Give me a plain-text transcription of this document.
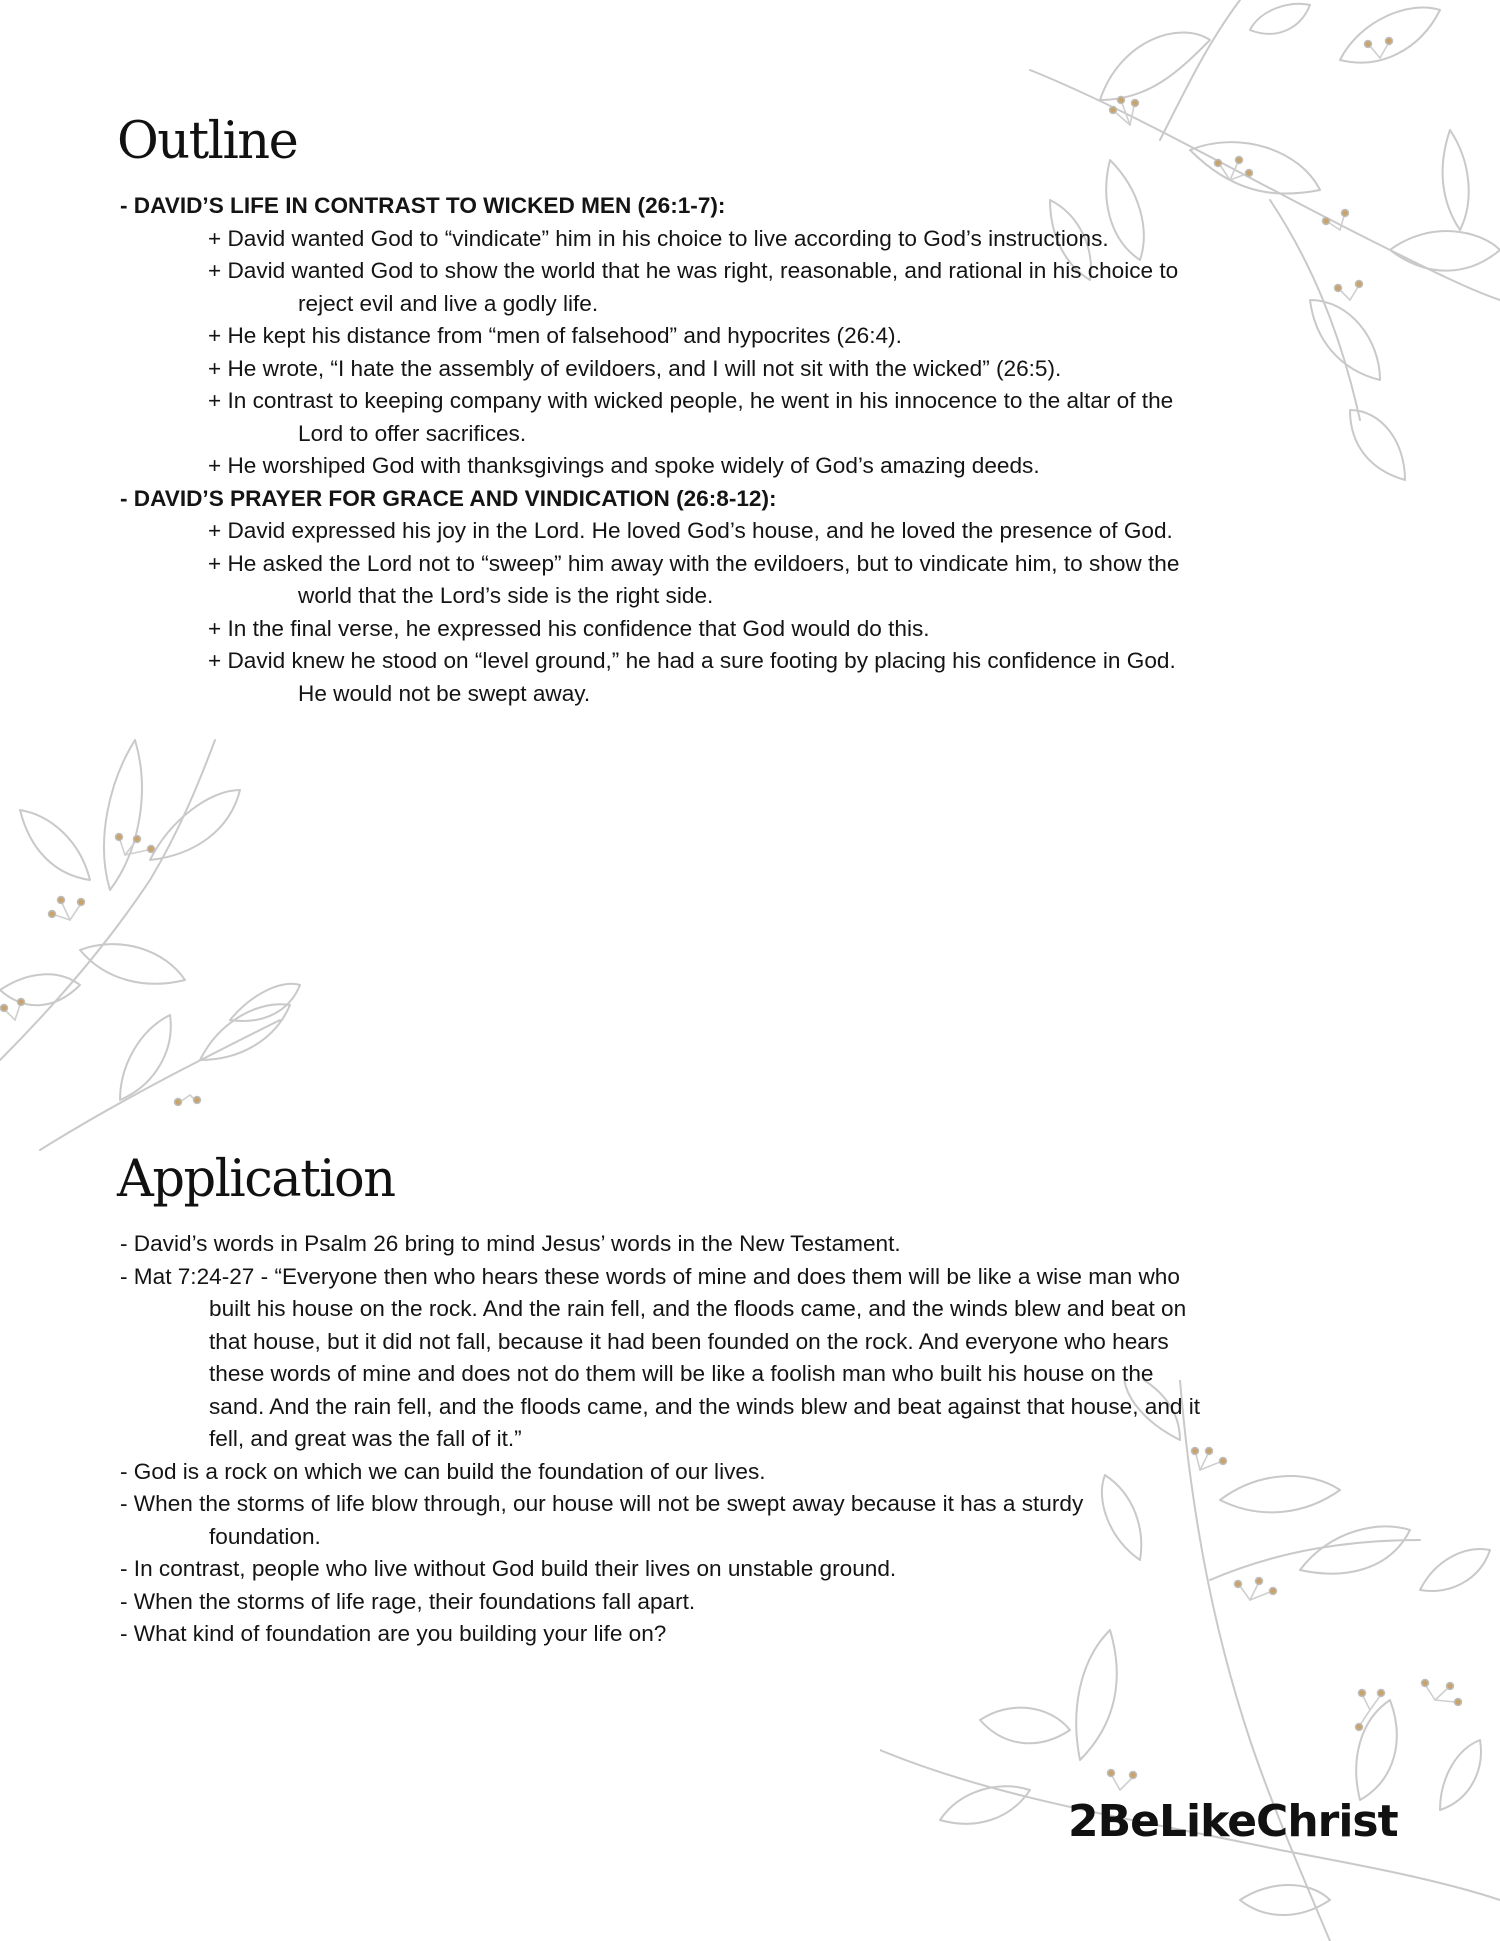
Outline
- DAVID’S LIFE IN CONTRAST TO WICKED MEN (26:1-7):
+ David wanted God to “vindicate” him in his choice to live according to God’s instructions.
+ David wanted God to show the world that he was right, reasonable, and rational in his choice to
reject evil and live a godly life.
+ He kept his distance from “men of falsehood” and hypocrites (26:4).
+ He wrote, “I hate the assembly of evildoers, and I will not sit with the wicked” (26:5).
+ In contrast to keeping company with wicked people, he went in his innocence to the altar of the
Lord to offer sacrifices.
+ He worshiped God with thanksgivings and spoke widely of God’s amazing deeds.
- DAVID’S PRAYER FOR GRACE AND VINDICATION (26:8-12):
+ David expressed his joy in the Lord. He loved God’s house, and he loved the presence of God.
+ He asked the Lord not to “sweep” him away with the evildoers, but to vindicate him, to show the
world that the Lord’s side is the right side.
+ In the final verse, he expressed his confidence that God would do this.
+ David knew he stood on “level ground,” he had a sure footing by placing his confidence in God.
He would not be swept away.
Application
- David’s words in Psalm 26 bring to mind Jesus’ words in the New Testament.
- Mat 7:24-27 - “Everyone then who hears these words of mine and does them will be like a wise man who
built his house on the rock. And the rain fell, and the floods came, and the winds blew and beat on
that house, but it did not fall, because it had been founded on the rock. And everyone who hears
these words of mine and does not do them will be like a foolish man who built his house on the
sand. And the rain fell, and the floods came, and the winds blew and beat against that house, and it
fell, and great was the fall of it.”
- God is a rock on which we can build the foundation of our lives.
- When the storms of life blow through, our house will not be swept away because it has a sturdy
foundation.
- In contrast, people who live without God build their lives on unstable ground.
- When the storms of life rage, their foundations fall apart.
- What kind of foundation are you building your life on?
2BeLikeChrist
